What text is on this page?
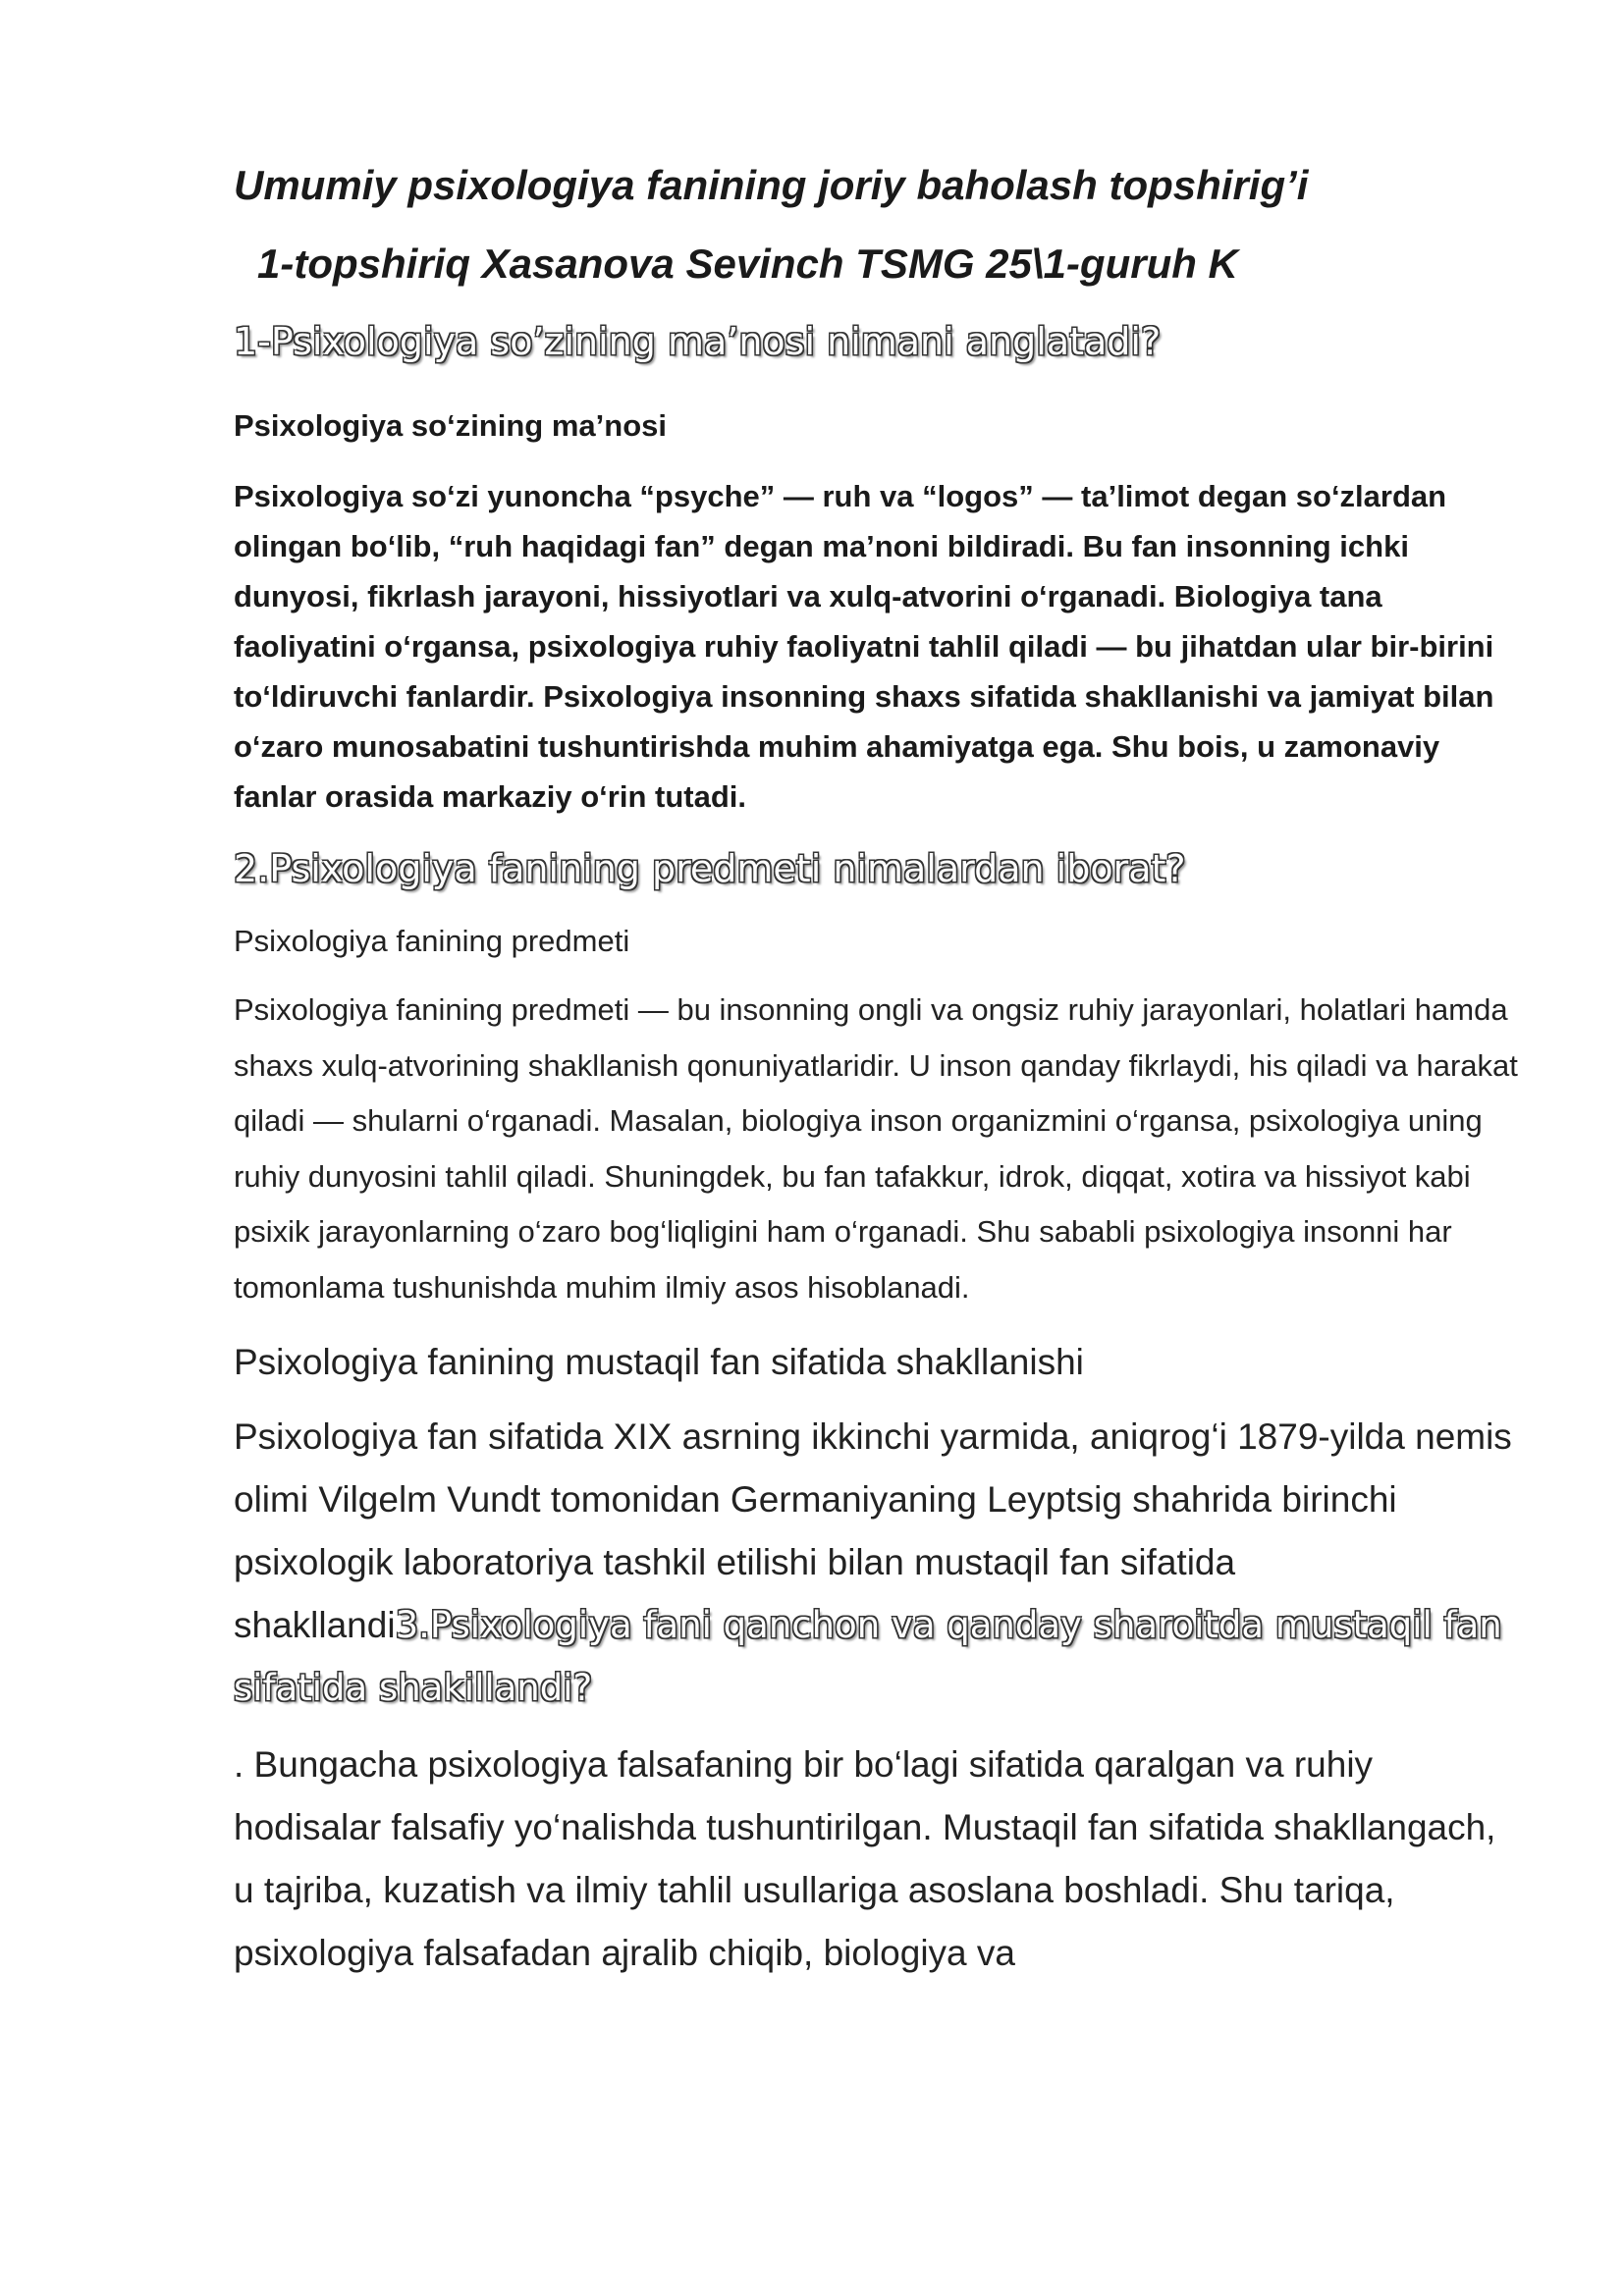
Umumiy psixologiya fanining joriy baholash topshirig’i

1-topshiriq Xasanova Sevinch TSMG 25\1-guruh K

1-Psixologiya so’zining ma’nosi nimani anglatadi?

Psixologiya so‘zining ma’nosi

Psixologiya so‘zi yunoncha “psyche” — ruh va “logos” — ta’limot degan so‘zlardan olingan bo‘lib, “ruh haqidagi fan” degan ma’noni bildiradi. Bu fan insonning ichki dunyosi, fikrlash jarayoni, hissiyotlari va xulq-atvorini o‘rganadi. Biologiya tana faoliyatini o‘rgansa, psixologiya ruhiy faoliyatni tahlil qiladi — bu jihatdan ular bir-birini to‘ldiruvchi fanlardir. Psixologiya insonning shaxs sifatida shakllanishi va jamiyat bilan o‘zaro munosabatini tushuntirishda muhim ahamiyatga ega. Shu bois, u zamonaviy fanlar orasida markaziy o‘rin tutadi.

2.Psixologiya fanining predmeti nimalardan iborat?

Psixologiya fanining predmeti

Psixologiya fanining predmeti — bu insonning ongli va ongsiz ruhiy jarayonlari, holatlari hamda shaxs xulq-atvorining shakllanish qonuniyatlaridir. U inson qanday fikrlaydi, his qiladi va harakat qiladi — shularni o‘rganadi. Masalan, biologiya inson organizmini o‘rgansa, psixologiya uning ruhiy dunyosini tahlil qiladi. Shuningdek, bu fan tafakkur, idrok, diqqat, xotira va hissiyot kabi psixik jarayonlarning o‘zaro bog‘liqligini ham o‘rganadi. Shu sababli psixologiya insonni har tomonlama tushunishda muhim ilmiy asos hisoblanadi.

Psixologiya fanining mustaqil fan sifatida shakllanishi

Psixologiya fan sifatida XIX asrning ikkinchi yarmida, aniqrog‘i 1879-yilda nemis olimi Vilgelm Vundt tomonidan Germaniyaning Leyptsig shahrida birinchi psixologik laboratoriya tashkil etilishi bilan mustaqil fan sifatida shakllandi3.Psixologiya fani qanchon va qanday sharoitda mustaqil fan sifatida shakillandi?

. Bungacha psixologiya falsafaning bir bo‘lagi sifatida qaralgan va ruhiy hodisalar falsafiy yo‘nalishda tushuntirilgan. Mustaqil fan sifatida shakllangach, u tajriba, kuzatish va ilmiy tahlil usullariga asoslana boshladi. Shu tariqa, psixologiya falsafadan ajralib chiqib, biologiya va
